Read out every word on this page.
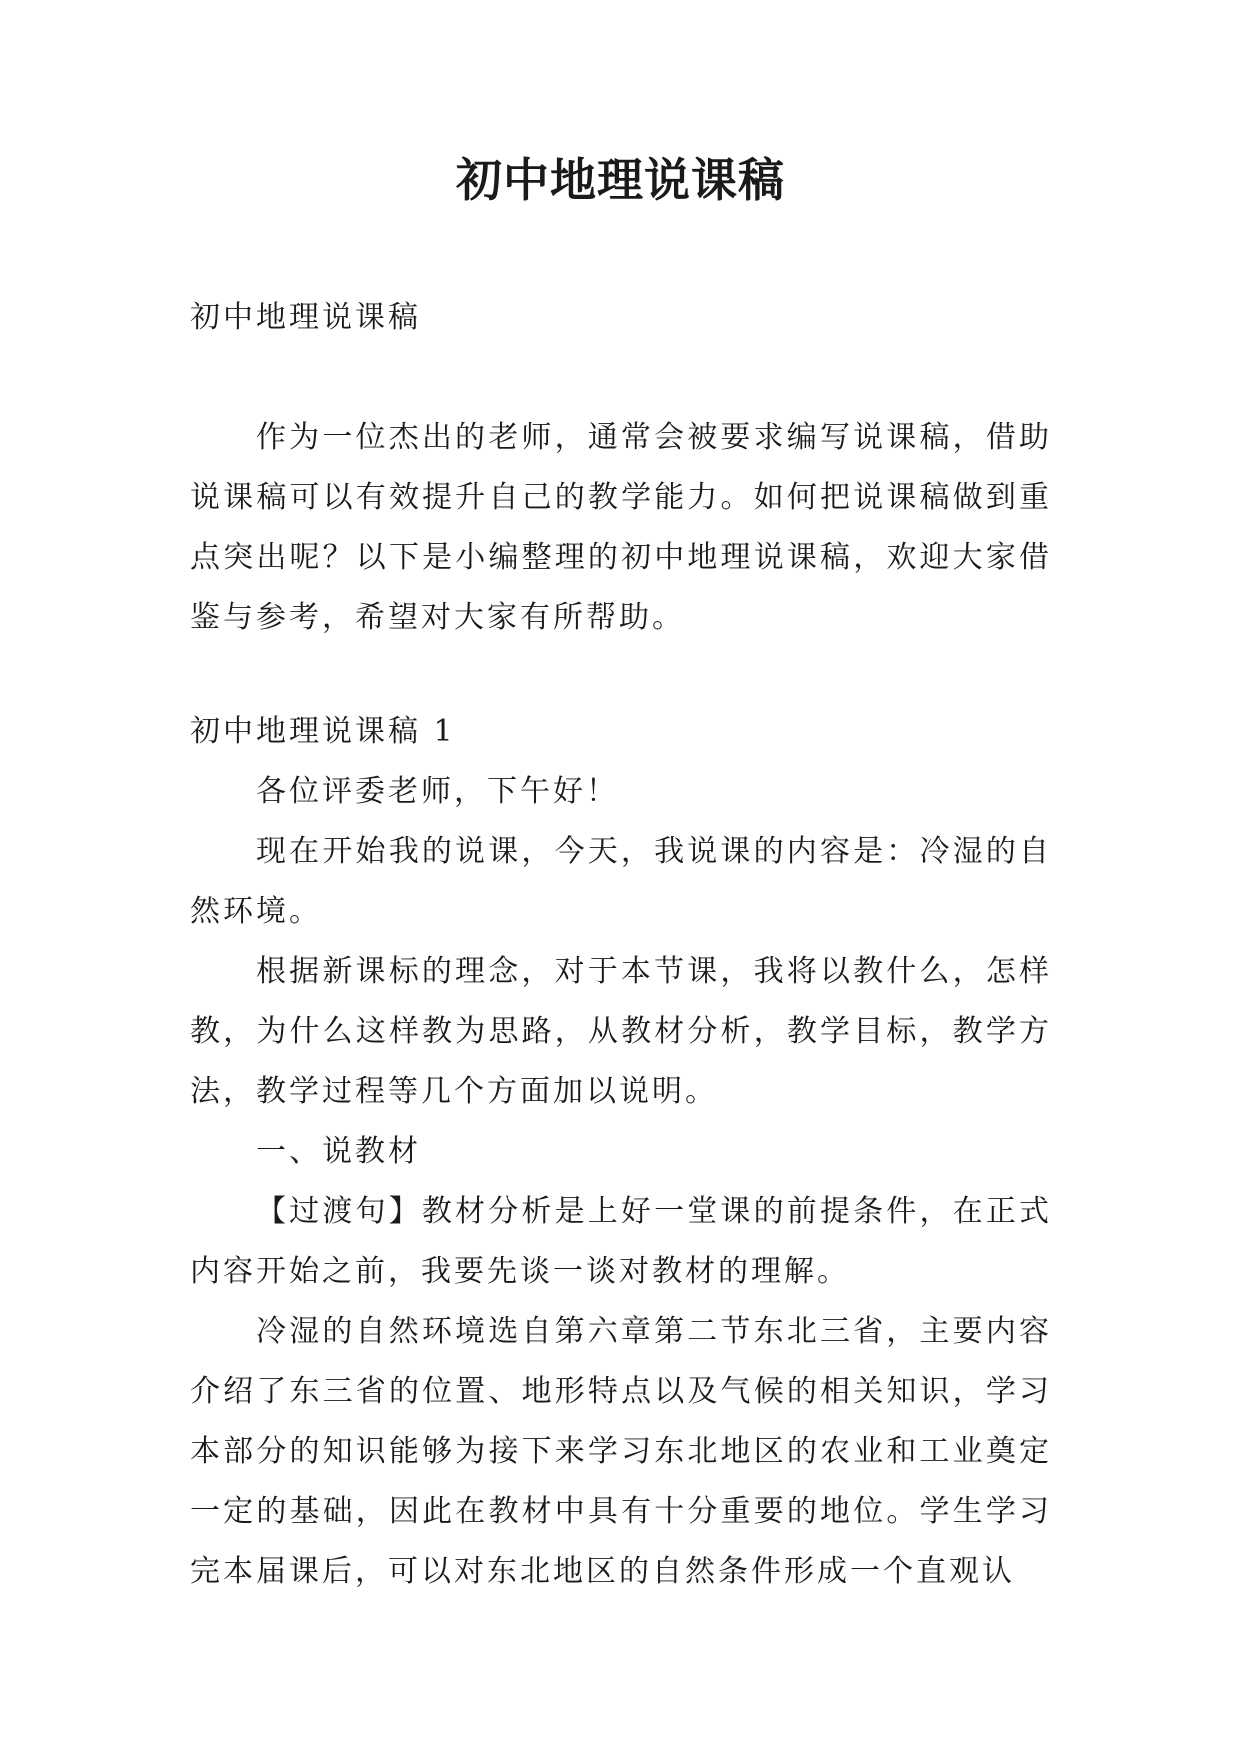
初中地理说课稿

初中地理说课稿

作为一位杰出的老师，通常会被要求编写说课稿，借助说课稿可以有效提升自己的教学能力。如何把说课稿做到重点突出呢？以下是小编整理的初中地理说课稿，欢迎大家借鉴与参考，希望对大家有所帮助。

初中地理说课稿 1

各位评委老师，下午好！

现在开始我的说课，今天，我说课的内容是：冷湿的自然环境。

根据新课标的理念，对于本节课，我将以教什么，怎样教，为什么这样教为思路，从教材分析，教学目标，教学方法，教学过程等几个方面加以说明。

一、说教材

【过渡句】教材分析是上好一堂课的前提条件，在正式内容开始之前，我要先谈一谈对教材的理解。

冷湿的自然环境选自第六章第二节东北三省，主要内容介绍了东三省的位置、地形特点以及气候的相关知识，学习本部分的知识能够为接下来学习东北地区的农业和工业奠定一定的基础，因此在教材中具有十分重要的地位。学生学习完本届课后，可以对东北地区的自然条件形成一个直观认
